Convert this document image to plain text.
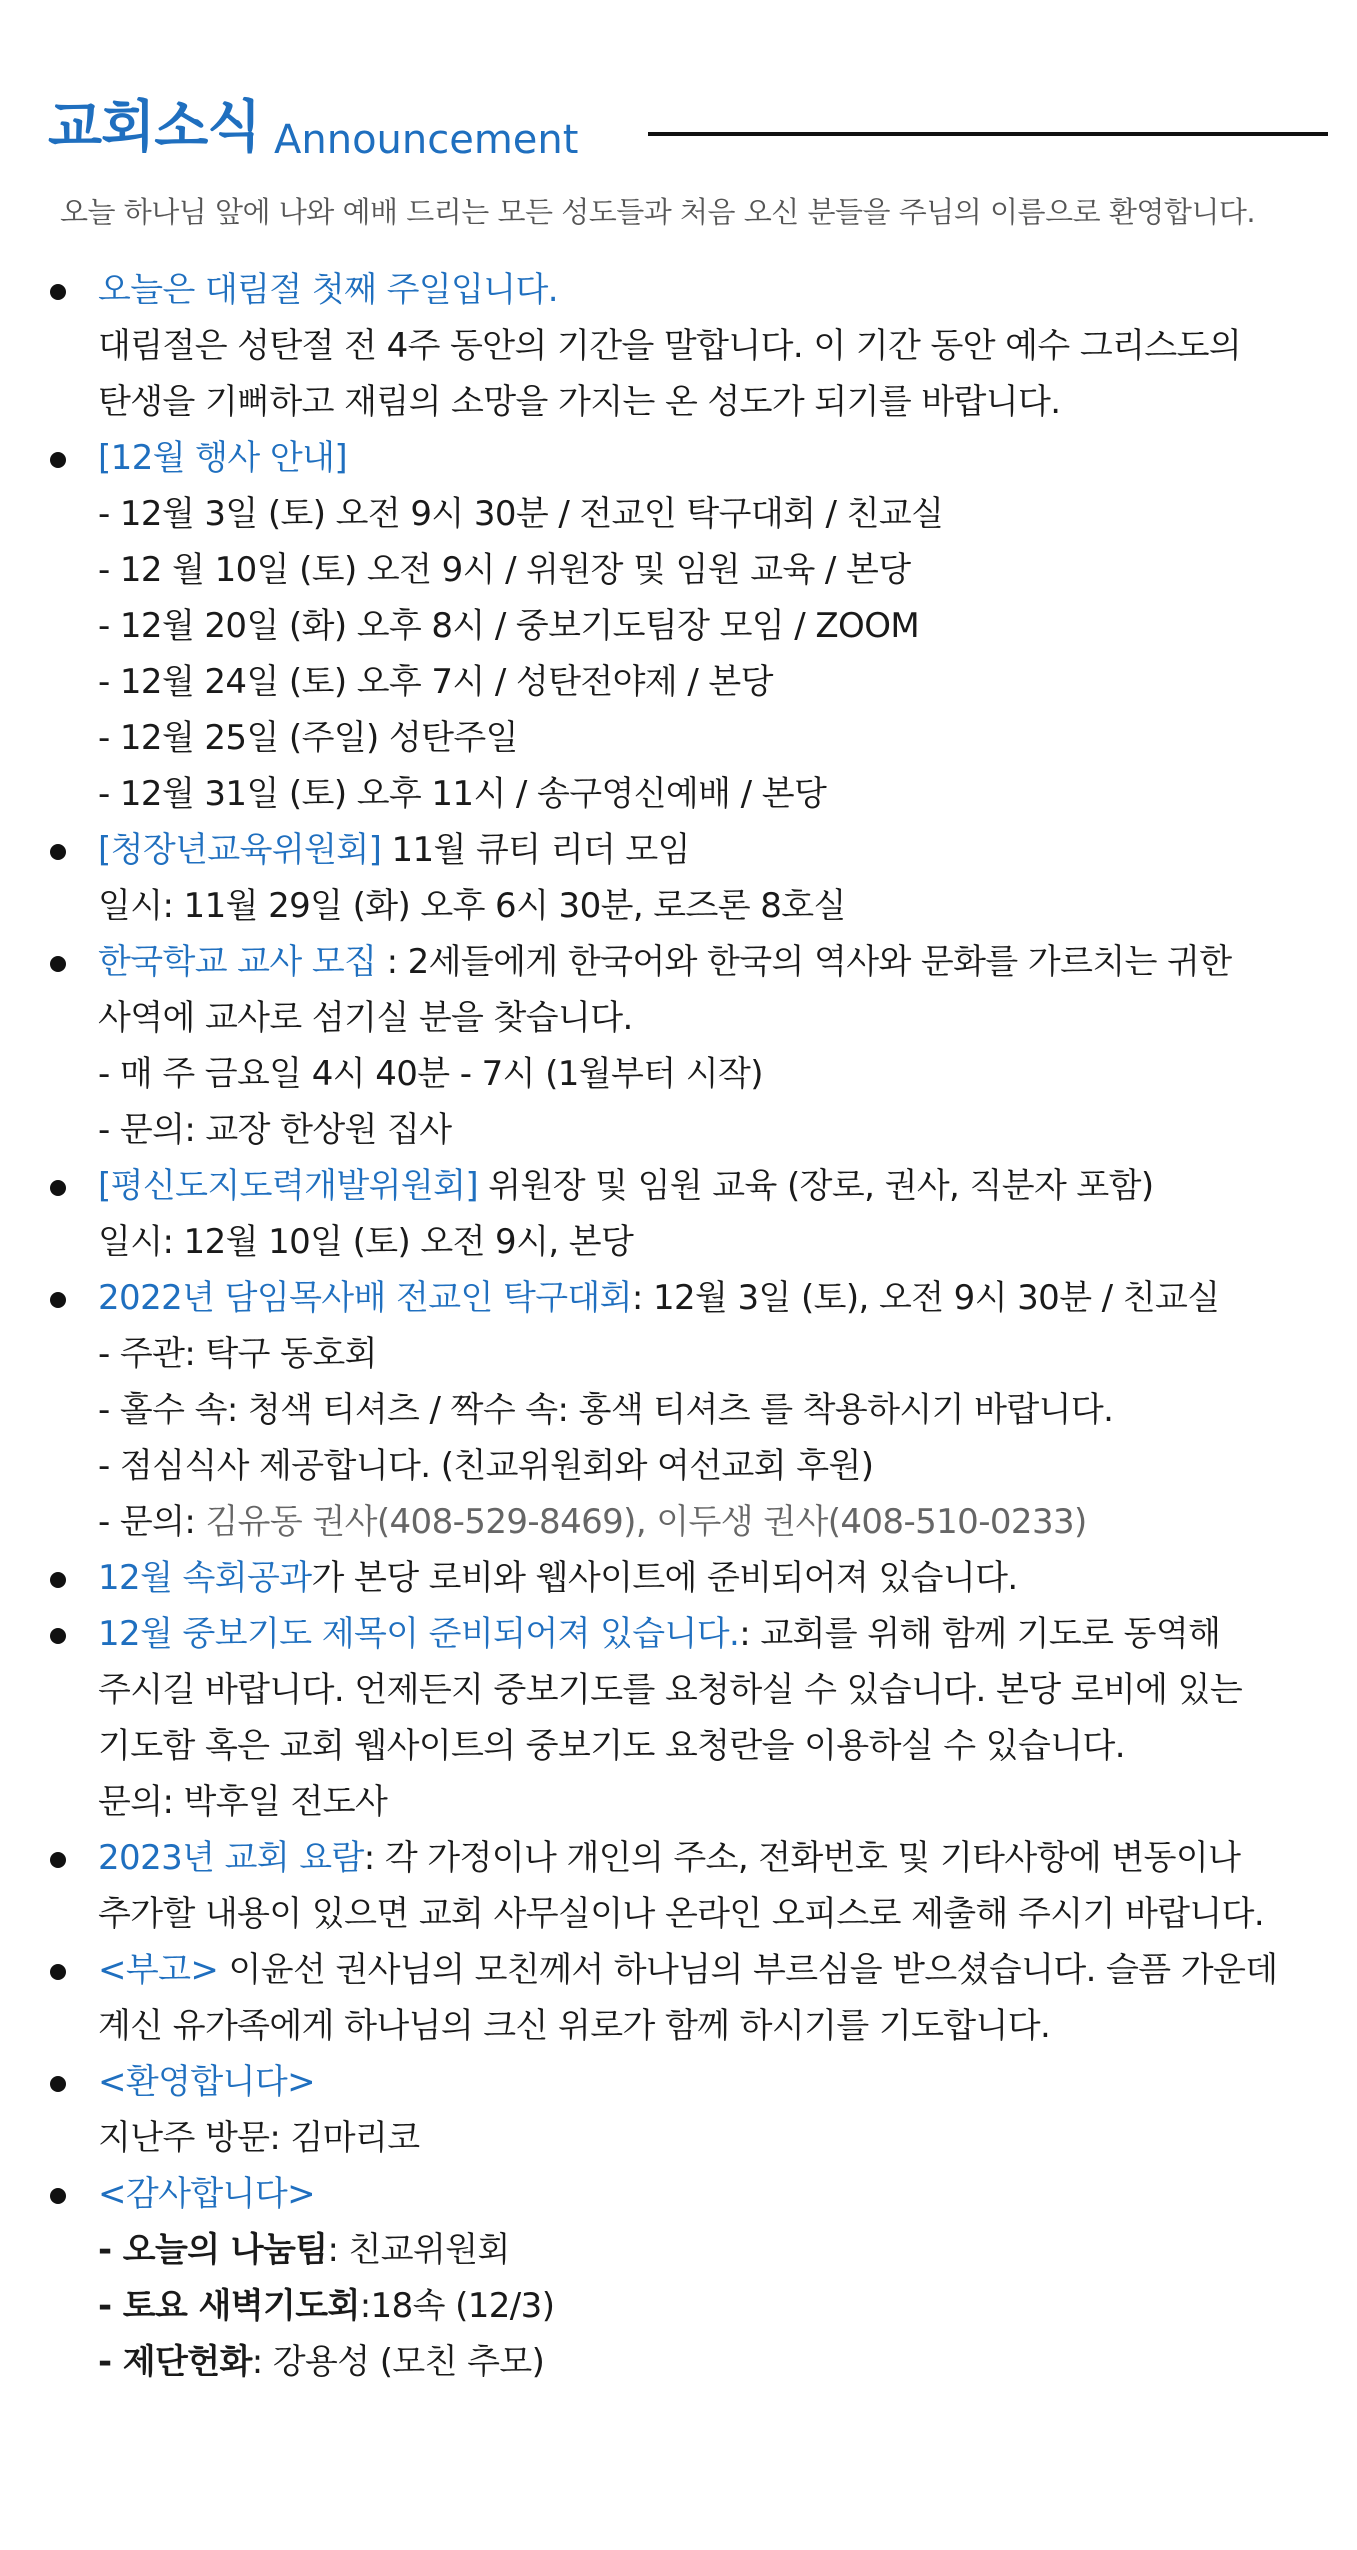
교회소식 Announcement
오늘 하나님 앞에 나와 예배 드리는 모든 성도들과 처음 오신 분들을 주님의 이름으로 환영합니다.
오늘은 대림절 첫째 주일입니다.
대림절은 성탄절 전 4주 동안의 기간을 말합니다. 이 기간 동안 예수 그리스도의
탄생을 기뻐하고 재림의 소망을 가지는 온 성도가 되기를 바랍니다.
[12월 행사 안내]
- 12월 3일 (토) 오전 9시 30분 / 전교인 탁구대회 / 친교실
- 12 월 10일 (토) 오전 9시 / 위원장 및 임원 교육 / 본당
- 12월 20일 (화) 오후 8시 / 중보기도팀장 모임 / ZOOM
- 12월 24일 (토) 오후 7시 / 성탄전야제 / 본당
- 12월 25일 (주일) 성탄주일
- 12월 31일 (토) 오후 11시 / 송구영신예배 / 본당
[청장년교육위원회] 11월 큐티 리더 모임
일시: 11월 29일 (화) 오후 6시 30분, 로즈론 8호실
한국학교 교사 모집 : 2세들에게 한국어와 한국의 역사와 문화를 가르치는 귀한
사역에 교사로 섬기실 분을 찾습니다.
- 매 주 금요일 4시 40분 - 7시 (1월부터 시작)
- 문의: 교장 한상원 집사
[평신도지도력개발위원회] 위원장 및 임원 교육 (장로, 권사, 직분자 포함)
일시: 12월 10일 (토) 오전 9시, 본당
2022년 담임목사배 전교인 탁구대회: 12월 3일 (토), 오전 9시 30분 / 친교실
- 주관: 탁구 동호회
- 홀수 속: 청색 티셔츠 / 짝수 속: 홍색 티셔츠 를 착용하시기 바랍니다.
- 점심식사 제공합니다. (친교위원회와 여선교회 후원)
- 문의: 김유동 권사(408-529-8469), 이두생 권사(408-510-0233)
12월 속회공과가 본당 로비와 웹사이트에 준비되어져 있습니다.
12월 중보기도 제목이 준비되어져 있습니다.: 교회를 위해 함께 기도로 동역해
주시길 바랍니다. 언제든지 중보기도를 요청하실 수 있습니다. 본당 로비에 있는
기도함 혹은 교회 웹사이트의 중보기도 요청란을 이용하실 수 있습니다.
문의: 박후일 전도사
2023년 교회 요람: 각 가정이나 개인의 주소, 전화번호 및 기타사항에 변동이나
추가할 내용이 있으면 교회 사무실이나 온라인 오피스로 제출해 주시기 바랍니다.
<부고> 이윤선 권사님의 모친께서 하나님의 부르심을 받으셨습니다. 슬픔 가운데
계신 유가족에게 하나님의 크신 위로가 함께 하시기를 기도합니다.
<환영합니다>
지난주 방문: 김마리코
<감사합니다>
- 오늘의 나눔팀: 친교위원회
- 토요 새벽기도회:18속 (12/3)
- 제단헌화: 강용성 (모친 추모)
